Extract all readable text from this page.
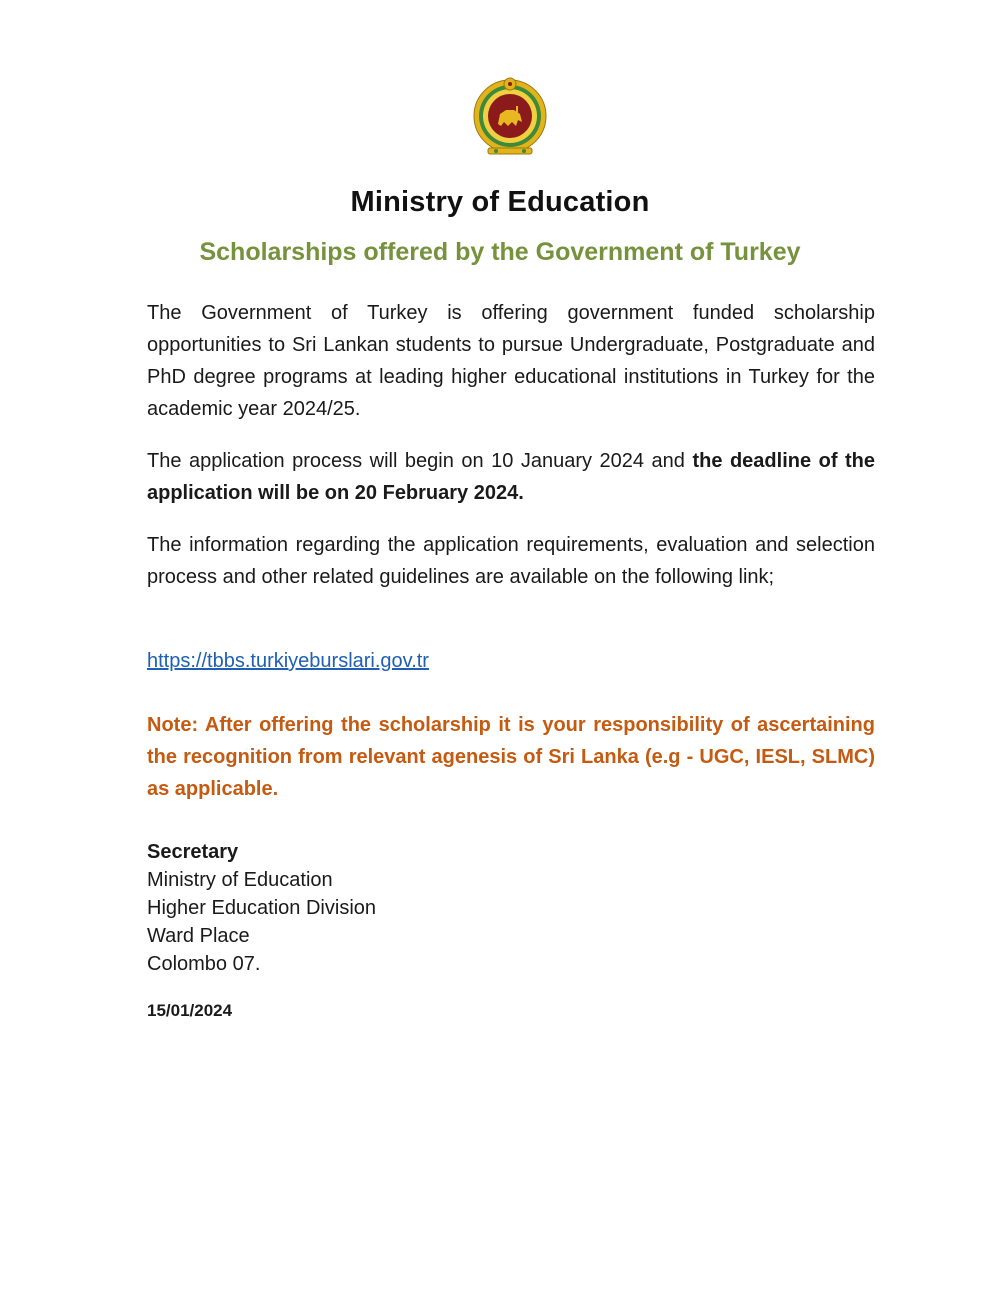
Ministry of Education
Scholarships offered by the Government of Turkey

The Government of Turkey is offering government funded scholarship opportunities to Sri Lankan students to pursue Undergraduate, Postgraduate and PhD degree programs at leading higher educational institutions in Turkey for the academic year 2024/25.

The application process will begin on 10 January 2024 and the deadline of the application will be on 20 February 2024.

The information regarding the application requirements, evaluation and selection process and other related guidelines are available on the following link;

https://tbbs.turkiyeburslari.gov.tr

Note: After offering the scholarship it is your responsibility of ascertaining the recognition from relevant agenesis of Sri Lanka (e.g - UGC, IESL, SLMC) as applicable.

Secretary
Ministry of Education
Higher Education Division
Ward Place
Colombo 07.

15/01/2024
